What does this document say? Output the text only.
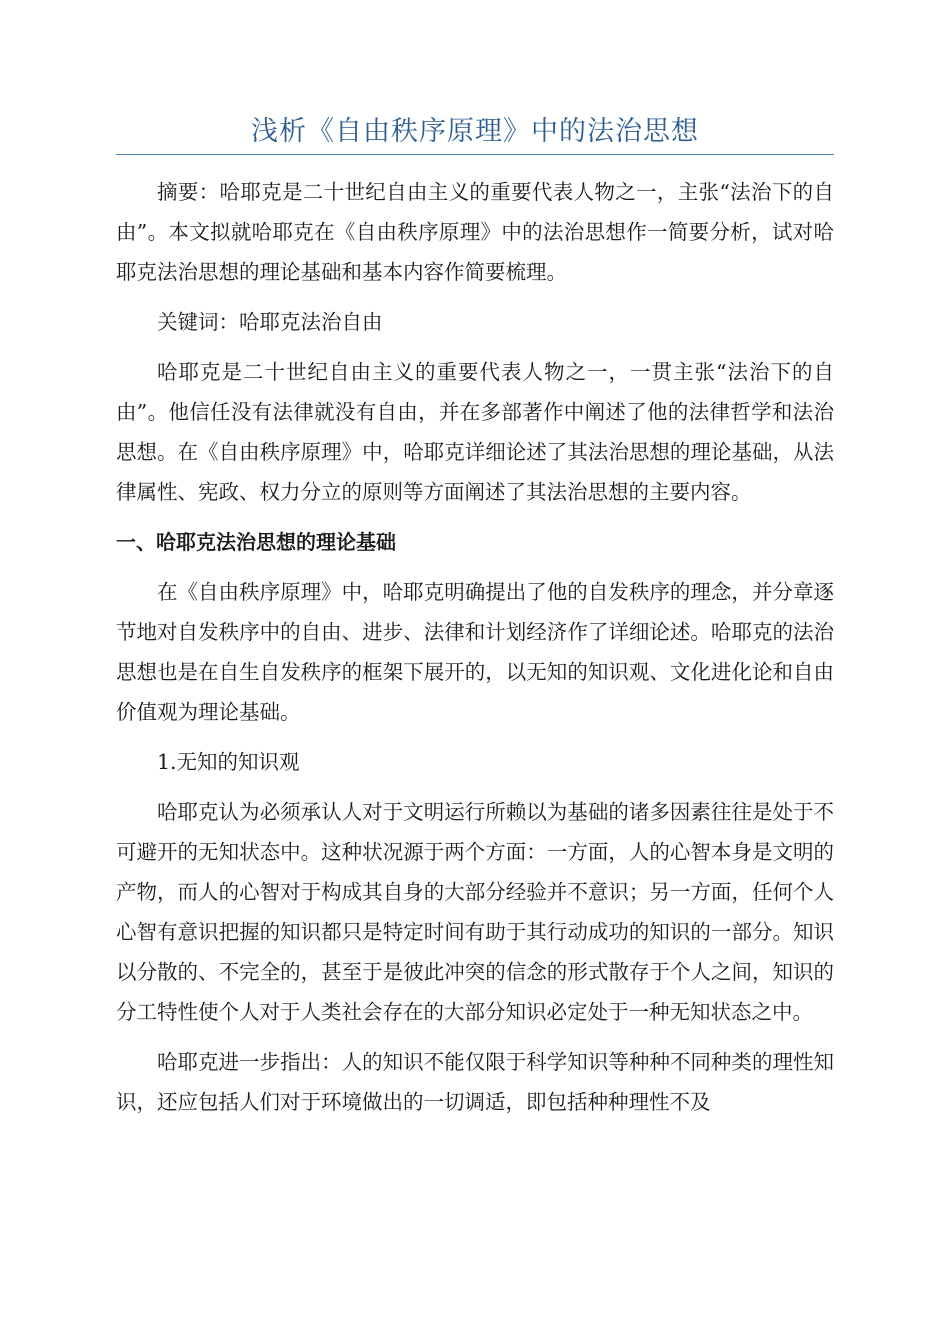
浅析《自由秩序原理》中的法治思想

摘要：哈耶克是二十世纪自由主义的重要代表人物之一，主张“法治下的自由”。本文拟就哈耶克在《自由秩序原理》中的法治思想作一简要分析，试对哈耶克法治思想的理论基础和基本内容作简要梳理。

关键词：哈耶克法治自由

哈耶克是二十世纪自由主义的重要代表人物之一，一贯主张“法治下的自由”。他信任没有法律就没有自由，并在多部著作中阐述了他的法律哲学和法治思想。在《自由秩序原理》中，哈耶克详细论述了其法治思想的理论基础，从法律属性、宪政、权力分立的原则等方面阐述了其法治思想的主要内容。

一、哈耶克法治思想的理论基础

在《自由秩序原理》中，哈耶克明确提出了他的自发秩序的理念，并分章逐节地对自发秩序中的自由、进步、法律和计划经济作了详细论述。哈耶克的法治思想也是在自生自发秩序的框架下展开的，以无知的知识观、文化进化论和自由价值观为理论基础。

1.无知的知识观

哈耶克认为必须承认人对于文明运行所赖以为基础的诸多因素往往是处于不可避开的无知状态中。这种状况源于两个方面：一方面，人的心智本身是文明的产物，而人的心智对于构成其自身的大部分经验并不意识；另一方面，任何个人心智有意识把握的知识都只是特定时间有助于其行动成功的知识的一部分。知识以分散的、不完全的，甚至于是彼此冲突的信念的形式散存于个人之间，知识的分工特性使个人对于人类社会存在的大部分知识必定处于一种无知状态之中。

哈耶克进一步指出：人的知识不能仅限于科学知识等种种不同种类的理性知识，还应包括人们对于环境做出的一切调适，即包括种种理性不及
